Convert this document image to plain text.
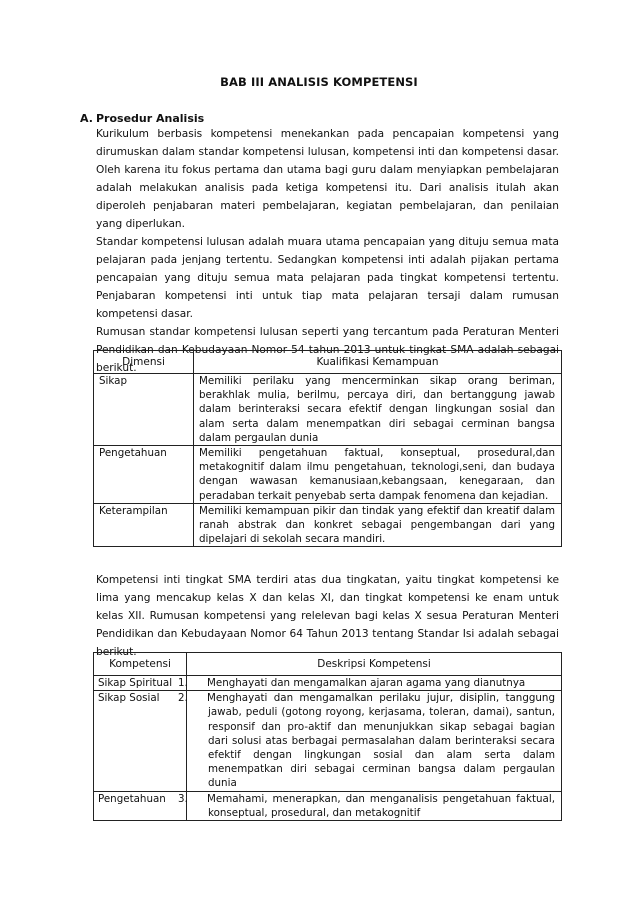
BAB III ANALISIS KOMPETENSI
A. Prosedur Analisis

Kurikulum berbasis kompetensi menekankan pada pencapaian kompetensi yang dirumuskan dalam standar kompetensi lulusan, kompetensi inti dan kompetensi dasar. Oleh karena itu fokus pertama dan utama bagi guru dalam menyiapkan pembelajaran adalah melakukan analisis pada ketiga kompetensi itu. Dari analisis itulah akan diperoleh penjabaran materi pembelajaran, kegiatan pembelajaran, dan penilaian yang diperlukan.

Standar kompetensi lulusan adalah muara utama pencapaian yang dituju semua mata pelajaran pada jenjang tertentu. Sedangkan kompetensi inti adalah pijakan pertama pencapaian yang dituju semua mata pelajaran pada tingkat kompetensi tertentu. Penjabaran kompetensi inti untuk tiap mata pelajaran tersaji dalam rumusan kompetensi dasar.

Rumusan standar kompetensi lulusan seperti yang tercantum pada Peraturan Menteri Pendidikan dan Kebudayaan Nomor 54 tahun 2013 untuk tingkat SMA adalah sebagai berikut.

Dimensi	Kualifikasi Kemampuan
Sikap	Memiliki perilaku yang mencerminkan sikap orang beriman, berakhlak mulia, berilmu, percaya diri, dan bertanggung jawab dalam berinteraksi secara efektif dengan lingkungan sosial dan alam serta dalam menempatkan diri sebagai cerminan bangsa dalam pergaulan dunia
Pengetahuan	Memiliki pengetahuan faktual, konseptual, prosedural,dan metakognitif dalam ilmu pengetahuan, teknologi,seni, dan budaya dengan wawasan kemanusiaan,kebangsaan, kenegaraan, dan peradaban terkait penyebab serta dampak fenomena dan kejadian.
Keterampilan	Memiliki kemampuan pikir dan tindak yang efektif dan kreatif dalam ranah abstrak dan konkret sebagai pengembangan dari yang dipelajari di sekolah secara mandiri.

Kompetensi inti tingkat SMA terdiri atas dua tingkatan, yaitu tingkat kompetensi ke lima yang mencakup kelas X dan kelas XI, dan tingkat kompetensi ke enam untuk kelas XII. Rumusan kompetensi yang relelevan bagi kelas X sesua Peraturan Menteri Pendidikan dan Kebudayaan Nomor 64 Tahun 2013 tentang Standar Isi adalah sebagai berikut.

Kompetensi	Deskripsi Kompetensi
Sikap Spiritual	1. Menghayati dan mengamalkan ajaran agama yang dianutnya

Sikap Sosial	2. Menghayati dan mengamalkan perilaku jujur, disiplin, tanggung jawab, peduli (gotong royong, kerjasama, toleran, damai), santun, responsif dan pro-aktif dan menunjukkan sikap sebagai bagian dari solusi atas berbagai permasalahan dalam berinteraksi secara efektif dengan lingkungan sosial dan alam serta dalam menempatkan diri sebagai cerminan bangsa dalam pergaulan dunia

Pengetahuan	3. Memahami, menerapkan, dan menganalisis pengetahuan faktual, konseptual, prosedural, dan metakognitif
